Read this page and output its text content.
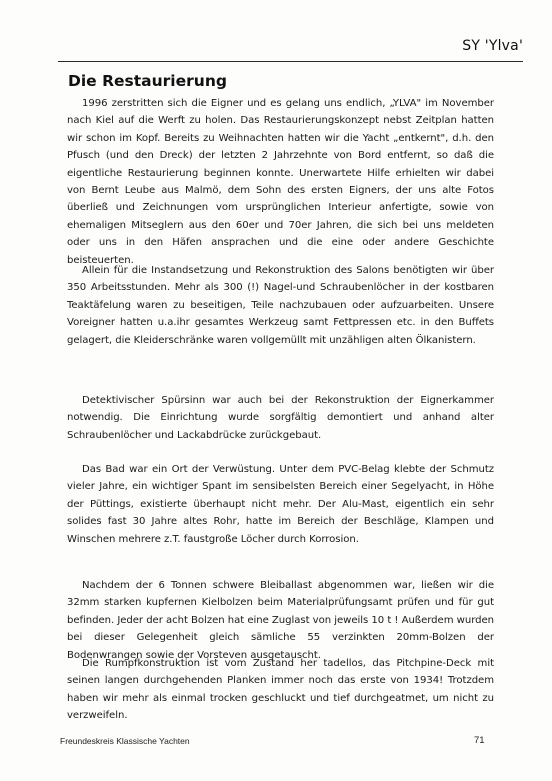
SY 'Ylva'
Die Restaurierung

1996 zerstritten sich die Eigner und es gelang uns endlich, „YLVA" im November nach Kiel auf die Werft zu holen. Das Restaurierungskonzept nebst Zeitplan hatten wir schon im Kopf. Bereits zu Weihnachten hatten wir die Yacht „entkernt", d.h. den Pfusch (und den Dreck) der letzten 2 Jahrzehnte von Bord entfernt, so daß die eigentliche Restaurierung beginnen konnte. Unerwartete Hilfe erhielten wir dabei von Bernt Leube aus Malmö, dem Sohn des ersten Eigners, der uns alte Fotos überließ und Zeichnungen vom ursprünglichen Interieur anfertigte, sowie von ehemaligen Mitseglern aus den 60er und 70er Jahren, die sich bei uns meldeten oder uns in den Häfen ansprachen und die eine oder andere Geschichte beisteuerten.

Allein für die Instandsetzung und Rekonstruktion des Salons benötigten wir über 350 Arbeitsstunden. Mehr als 300 (!) Nagel-und Schraubenlöcher in der kostbaren Teaktäfelung waren zu beseitigen, Teile nachzubauen oder aufzuarbeiten. Unsere Voreigner hatten u.a.ihr gesamtes Werkzeug samt Fettpressen etc. in den Buffets gelagert, die Kleiderschränke waren vollgemüllt mit unzähligen alten Ölkanistern.

Detektivischer Spürsinn war auch bei der Rekonstruktion der Eignerkammer notwendig. Die Einrichtung wurde sorgfältig demontiert und anhand alter Schraubenlöcher und Lackabdrücke zurückgebaut.

Das Bad war ein Ort der Verwüstung. Unter dem PVC-Belag klebte der Schmutz vieler Jahre, ein wichtiger Spant im sensibelsten Bereich einer Segelyacht, in Höhe der Püttings, existierte überhaupt nicht mehr. Der Alu-Mast, eigentlich ein sehr solides fast 30 Jahre altes Rohr, hatte im Bereich der Beschläge, Klampen und Winschen mehrere z.T. faustgroße Löcher durch Korrosion.

Nachdem der 6 Tonnen schwere Bleiballast abgenommen war, ließen wir die 32mm starken kupfernen Kielbolzen beim Materialprüfungsamt prüfen und für gut befinden. Jeder der acht Bolzen hat eine Zuglast von jeweils 10 t ! Außerdem wurden bei dieser Gelegenheit gleich sämliche 55 verzinkten 20mm-Bolzen der Bodenwrangen sowie der Vorsteven ausgetauscht.

Die Rumpfkonstruktion ist vom Zustand her tadellos, das Pitchpine-Deck mit seinen langen durchgehenden Planken immer noch das erste von 1934! Trotzdem haben wir mehr als einmal trocken geschluckt und tief durchgeatmet, um nicht zu verzweifeln.

Freundeskreis Klassische Yachten	71
